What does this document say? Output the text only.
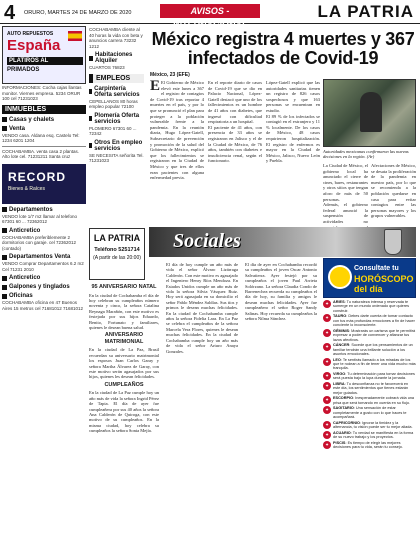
4 ORURO, MARTES 24 DE MARZO DE 2020	AVISOS - INTERNACIONAL
LA PATRIA
AUTO REPUESTOS
España
PLATIROS AL
PRIMADOS
INFORMACIONES: Cocha cajas llantas monitor. Viernes empresa. 5234 ORUR 100 cel 71231023
INMUEBLES
Casas y chalets
Venta
VENDO casa. Aldana esq. Castelo Tel: 1234 6201 1204
COCHABAMBA. venta casa 2 plantas. Alto lote cel. 71231211 Santa cruz
RECORD
Bienes & Raíces
Departamentos
VENDO lote 1/7 m2 llamar al telefono 67301 60 ... 72362012
Anticretico
COCHABAMBA preferiblemente 2 dormitorios con garaje. cel 72362012 (contado)
Departamentos Venta
VENDO Comprar Departamentos 6.2 m2 Cel 71231 2010
Anticretico
Galpones y tinglados
Oficinas
COCHABAMBA oficina en 47 Buenos Aires 15 metros cel 71681012 71681012
COCHABAMBA cliente al 40 horas la vida con beta y anuncios carrera 73232 1212
Habitaciones Alquiler
CUARTOS 76823
EMPLEOS
Carpintería Oferta servicios
CEPELLANOS 80 horas empleo popular 72100
Plomería Oferta servicios
PLOMERO 67301 60 ... 72342
Otros En empleo servicios
SE NECESITA señorita Tel. 71231023
LA PATRIA
Teléfono 5251714
(A partir de las 20:00)
México registra 4 muertes y 367 infectados de Covid-19
México, 23 (EFE)
E El Gobierno de México elevó este lunes a 367 el registro de contagios de Covid-19 tras reportar 4 muertes en el país, y por lo que se pronunció el plan para proteger a la población vulnerable frente a la pandemia. En la reunión diaria, Hugo López-Gatell, Subsecretario de prevención y promoción de la salud del Gobierno de México, explicó que los fallecimientos se registraron en la Ciudad de México y que tres de ellos eran pacientes con alguna enfermedad previa.

En el reporte diario de casos de Covid-19 que se dio en Palacio Nacional, López-Gatell destacó que uno de los fallecimientos es un hombre de 41 años con diabetes, que ingresó con dificultad respiratoria a un hospital.

El paciente de 41 años, con presencia de 33 años se registraron en Jalisco y el de la Ciudad de México, de 76 años, también con diabetes e insuficiencia renal, según el funcionario.

López-Gatell explicó que las autoridades sanitarias tienen un registro de 826 casos sospechosos y que 163 personas se encuentran en estudio.

El 89 % de los infectados se contagió en el extranjero y 11 % localmente. De los casos de México, 48 casos requirieron hospitalización. El registro de enfermos es mayor en la Ciudad de México, Jalisco, Nuevo León y Puebla.

Autoridades mexicanas confirmaron las nuevas decisiones en la región. (Ar)

La Ciudad de México, el gobierno local ha anunciado el cierre de cines, bares, restaurantes y otros sitios que tengan aforo de más de 50 personas.

Además, el gobierno federal anunció la suspensión de actividades no

Afectaciones de México, se desata la proliferación de la pandemia en nuestro país, por lo que se recomienda a la población quedarse en casa para evitar contagios entre las personas mayores y los grupos vulnerables.

Sociales
95 ANIVERSARIO NATAL

En la ciudad de Cochabamba el día de hoy celebran su cumpleaños número noventa y cinco, la señora Catalina Reynaga Marañón, con este motivo es festejada por sus hijos Eduardo, Benito, Fortunato y familiares, quienes le desean buena salud.

ANIVERSARIO MATRIMONIAL

En la ciudad de La Paz, Brasil recuerdan su aniversario matrimonial los esposos Juan Carlos Garay y señora Martha Álvarez de Garay, con este motivo serán agasajados por sus hijos, quienes les desean felicidades.

CUMPLEAÑOS

En la ciudad de La Paz cumple hoy un año más de vida la señora Ingrid Pérez de Tapia. El día de ayer fue cumpleañera por sus 40 años la señora Ana Calderón de Quiroga, con este motivo de su cumpleaños. En la misma ciudad, hoy celebra su cumpleaños la señora Sonia Mejía.

El día de hoy cumple un año más de vida el señor Álvaro Lizárraga Calderón. Con este motivo es agasajado el Ingeniero Henry Ríos Mendoza. En Estados Unidos cumple un año más de vida la señora Silvia Vásquez Ruiz. Hoy será agasajada en su domicilio el señor Pablo Méndez Saldías. Sus tíos y primos le desean muchas felicidades. En la ciudad de Cochabamba cumple años la señora Fidelia Lara. En La Paz se celebra el cumpleaños de la señora Marcela Vera Flores, quienes le desean muchas felicidades. En la ciudad de Cochabamba cumple hoy un año más de vida el señor Arturo Anaya Gonzales.

El día de ayer en Cochabamba recordó su cumpleaños el joven Oscar Antonio Salvatierra. Ayer festejó por su cumpleaños el joven Paul Arrieta Solórzano. La señora Claudia Condo de Barrenechea recuerda su cumpleaños el día de hoy, su familia y amigos le desean muchas felicidades. Ayer fue cumpleañero el señor Roger Sandy Salinas. Hoy recuerda su cumpleaños la señora Nilma Sánchez.

Consultate tu
HORÓSCOPO del día
✦	ARIES: Tu naturaleza intensa y reservada te sumerge en un mundo ordenado que quieres construir.
✦	TAURO: Debes darte cuenta de tomar contacto con tus más profundas emociones a fin de hacer conciente lo inconsciente.
✦	GÉMINIS: Mostrarás un carisma que te permitirá expresar a poder de convencer y afianzar tus lazos afectivos.
✦	CÁNCER: Sucede que los pensamientos de un familiar tendrán una brillante solución a los asuntos emocionales.
✦	LEO: Te sentirás llamado a los miradas de los que te rodean a fin de tener una vida mucho más tranquila.
✦	VIRGO: Tu determinación para tomar decisiones será puesta bajo la lupa durante la jornada.
✦	LIBRA: Tu desconfianza no te favorecerá en este día, los sentimientos que tienes estarán mejor guiados.
✦	ESCORPIO: Inesperadamente cobrará vida una prisa que será tomando en cuenta en su flujo.
✦	SAGITARIO: Una sensación de estar completamente a gusto con lo que haces te acompañará.
✦	CAPRICORNIO: Ignorar la timidez y la alternancia, tu visión puede ser tu mejor aliada.
✦	ACUARIO: Tu verdad se manifiesta en la forma de su nuevo trabajo y los proyectos.
✦	PISCIS: Es tiempo de elegir las mejores decisiones para tu vida, serán tu consejo.
